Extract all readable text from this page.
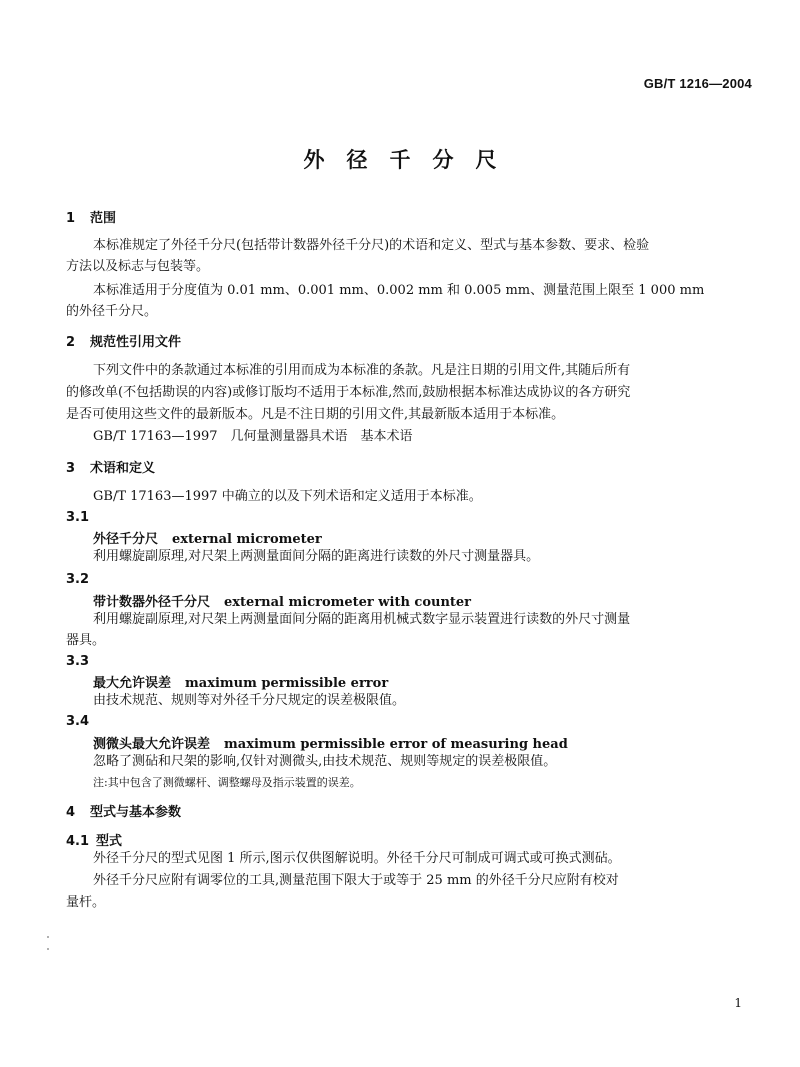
GB/T 1216—2004
外径千分尺
1 范围
本标准规定了外径千分尺(包括带计数器外径千分尺)的术语和定义、型式与基本参数、要求、检验
方法以及标志与包装等。
本标准适用于分度值为 0.01 mm、0.001 mm、0.002 mm 和 0.005 mm、测量范围上限至 1 000 mm
的外径千分尺。
2 规范性引用文件
下列文件中的条款通过本标准的引用而成为本标准的条款。凡是注日期的引用文件,其随后所有
的修改单(不包括勘误的内容)或修订版均不适用于本标准,然而,鼓励根据本标准达成协议的各方研究
是否可使用这些文件的最新版本。凡是不注日期的引用文件,其最新版本适用于本标准。
GB/T 17163—1997　几何量测量器具术语　基本术语
3 术语和定义
GB/T 17163—1997 中确立的以及下列术语和定义适用于本标准。
3.1
外径千分尺 external micrometer
利用螺旋副原理,对尺架上两测量面间分隔的距离进行读数的外尺寸测量器具。
3.2
带计数器外径千分尺 external micrometer with counter
利用螺旋副原理,对尺架上两测量面间分隔的距离用机械式数字显示装置进行读数的外尺寸测量
器具。
3.3
最大允许误差 maximum permissible error
由技术规范、规则等对外径千分尺规定的误差极限值。
3.4
测微头最大允许误差 maximum permissible error of measuring head
忽略了测砧和尺架的影响,仅针对测微头,由技术规范、规则等规定的误差极限值。
注:其中包含了测微螺杆、调整螺母及指示装置的误差。
4 型式与基本参数
4.1 型式
外径千分尺的型式见图 1 所示,图示仅供图解说明。外径千分尺可制成可调式或可换式测砧。
外径千分尺应附有调零位的工具,测量范围下限大于或等于 25 mm 的外径千分尺应附有校对
量杆。
1
